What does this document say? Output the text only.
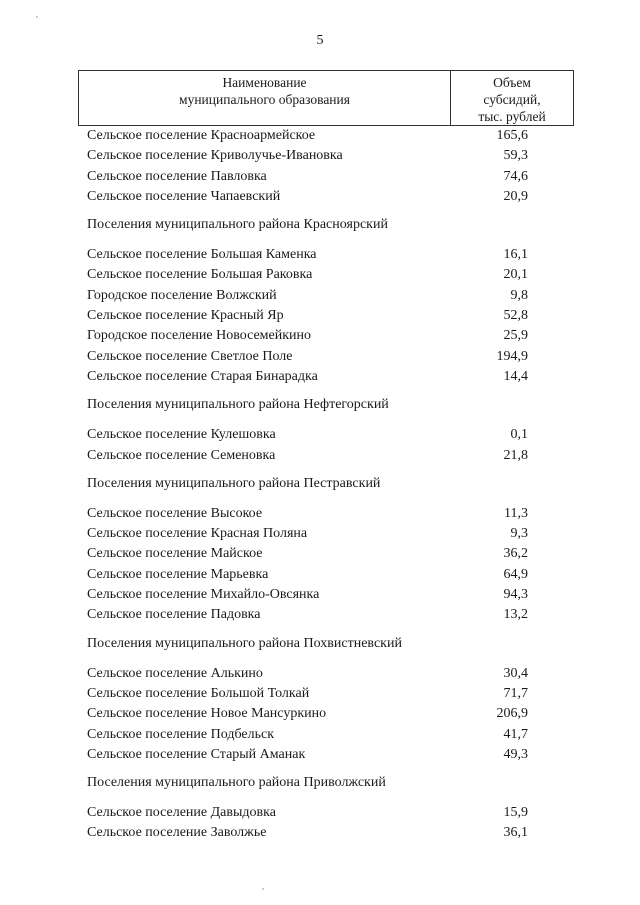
5
Наименование
муниципального образования
Объем
субсидий,
тыс. рублей
Сельское поселение Красноармейское	165,6
Сельское поселение Криволучье-Ивановка	59,3
Сельское поселение Павловка	74,6
Сельское поселение Чапаевский	20,9
Поселения муниципального района Красноярский
Сельское поселение Большая Каменка	16,1
Сельское поселение Большая Раковка	20,1
Городское поселение Волжский	9,8
Сельское поселение Красный Яр	52,8
Городское поселение Новосемейкино	25,9
Сельское поселение Светлое Поле	194,9
Сельское поселение Старая Бинарадка	14,4
Поселения муниципального района Нефтегорский
Сельское поселение Кулешовка	0,1
Сельское поселение Семеновка	21,8
Поселения муниципального района Пестравский
Сельское поселение Высокое	11,3
Сельское поселение Красная Поляна	9,3
Сельское поселение Майское	36,2
Сельское поселение Марьевка	64,9
Сельское поселение Михайло-Овсянка	94,3
Сельское поселение Падовка	13,2
Поселения муниципального района Похвистневский
Сельское поселение Алькино	30,4
Сельское поселение Большой Толкай	71,7
Сельское поселение Новое Мансуркино	206,9
Сельское поселение Подбельск	41,7
Сельское поселение Старый Аманак	49,3
Поселения муниципального района Приволжский
Сельское поселение Давыдовка	15,9
Сельское поселение Заволжье	36,1
